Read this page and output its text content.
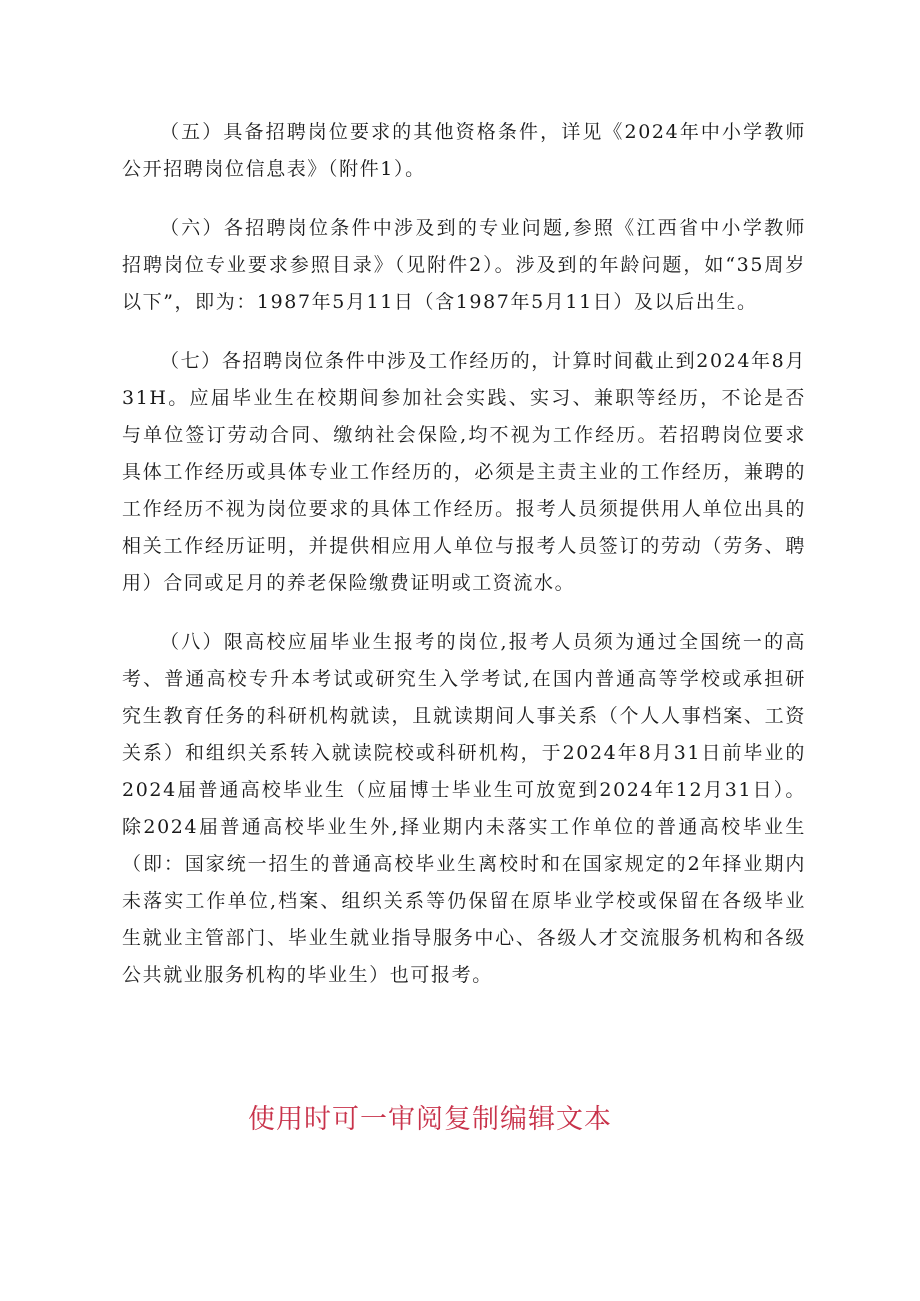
（五）具备招聘岗位要求的其他资格条件，详见《2024年中小学教师公开招聘岗位信息表》（附件1）。

（六）各招聘岗位条件中涉及到的专业问题,参照《江西省中小学教师招聘岗位专业要求参照目录》（见附件2）。涉及到的年龄问题，如“35周岁以下”，即为：1987年5月11日（含1987年5月11日）及以后出生。

（七）各招聘岗位条件中涉及工作经历的，计算时间截止到2024年8月31H。应届毕业生在校期间参加社会实践、实习、兼职等经历，不论是否与单位签订劳动合同、缴纳社会保险,均不视为工作经历。若招聘岗位要求具体工作经历或具体专业工作经历的，必须是主责主业的工作经历，兼聘的工作经历不视为岗位要求的具体工作经历。报考人员须提供用人单位出具的相关工作经历证明，并提供相应用人单位与报考人员签订的劳动（劳务、聘用）合同或足月的养老保险缴费证明或工资流水。

（八）限高校应届毕业生报考的岗位,报考人员须为通过全国统一的高考、普通高校专升本考试或研究生入学考试,在国内普通高等学校或承担研究生教育任务的科研机构就读，且就读期间人事关系（个人人事档案、工资关系）和组织关系转入就读院校或科研机构，于2024年8月31日前毕业的2024届普通高校毕业生（应届博士毕业生可放宽到2024年12月31日）。除2024届普通高校毕业生外,择业期内未落实工作单位的普通高校毕业生（即：国家统一招生的普通高校毕业生离校时和在国家规定的2年择业期内未落实工作单位,档案、组织关系等仍保留在原毕业学校或保留在各级毕业生就业主管部门、毕业生就业指导服务中心、各级人才交流服务机构和各级公共就业服务机构的毕业生）也可报考。

使用时可一审阅复制编辑文本
